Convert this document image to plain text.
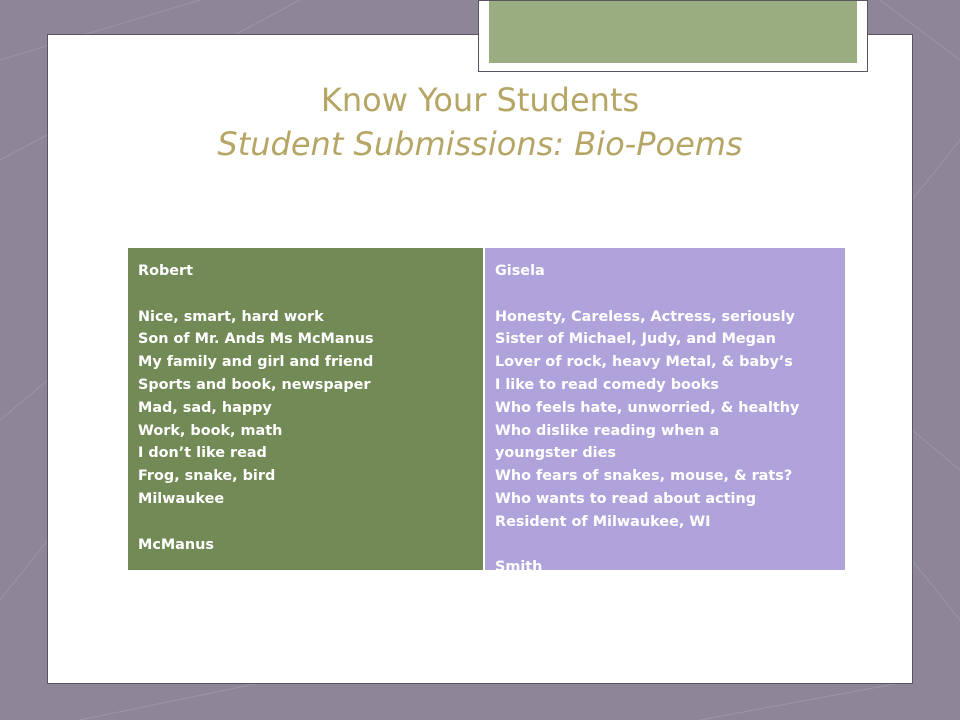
Know Your Students
Student Submissions: Bio-Poems
Robert
Nice, smart, hard work
Son of Mr. Ands Ms McManus
My family and girl and friend
Sports and book, newspaper
Mad, sad, happy
Work, book, math
I don’t like read
Frog, snake, bird
Milwaukee
McManus
Gisela
Honesty, Careless, Actress, seriously
Sister of Michael, Judy, and Megan
Lover of rock, heavy Metal, & baby’s
I like to read comedy books
Who feels hate, unworried, & healthy
Who dislike reading when a
youngster dies
Who fears of snakes, mouse, & rats?
Who wants to read about acting
Resident of Milwaukee, WI
Smith
